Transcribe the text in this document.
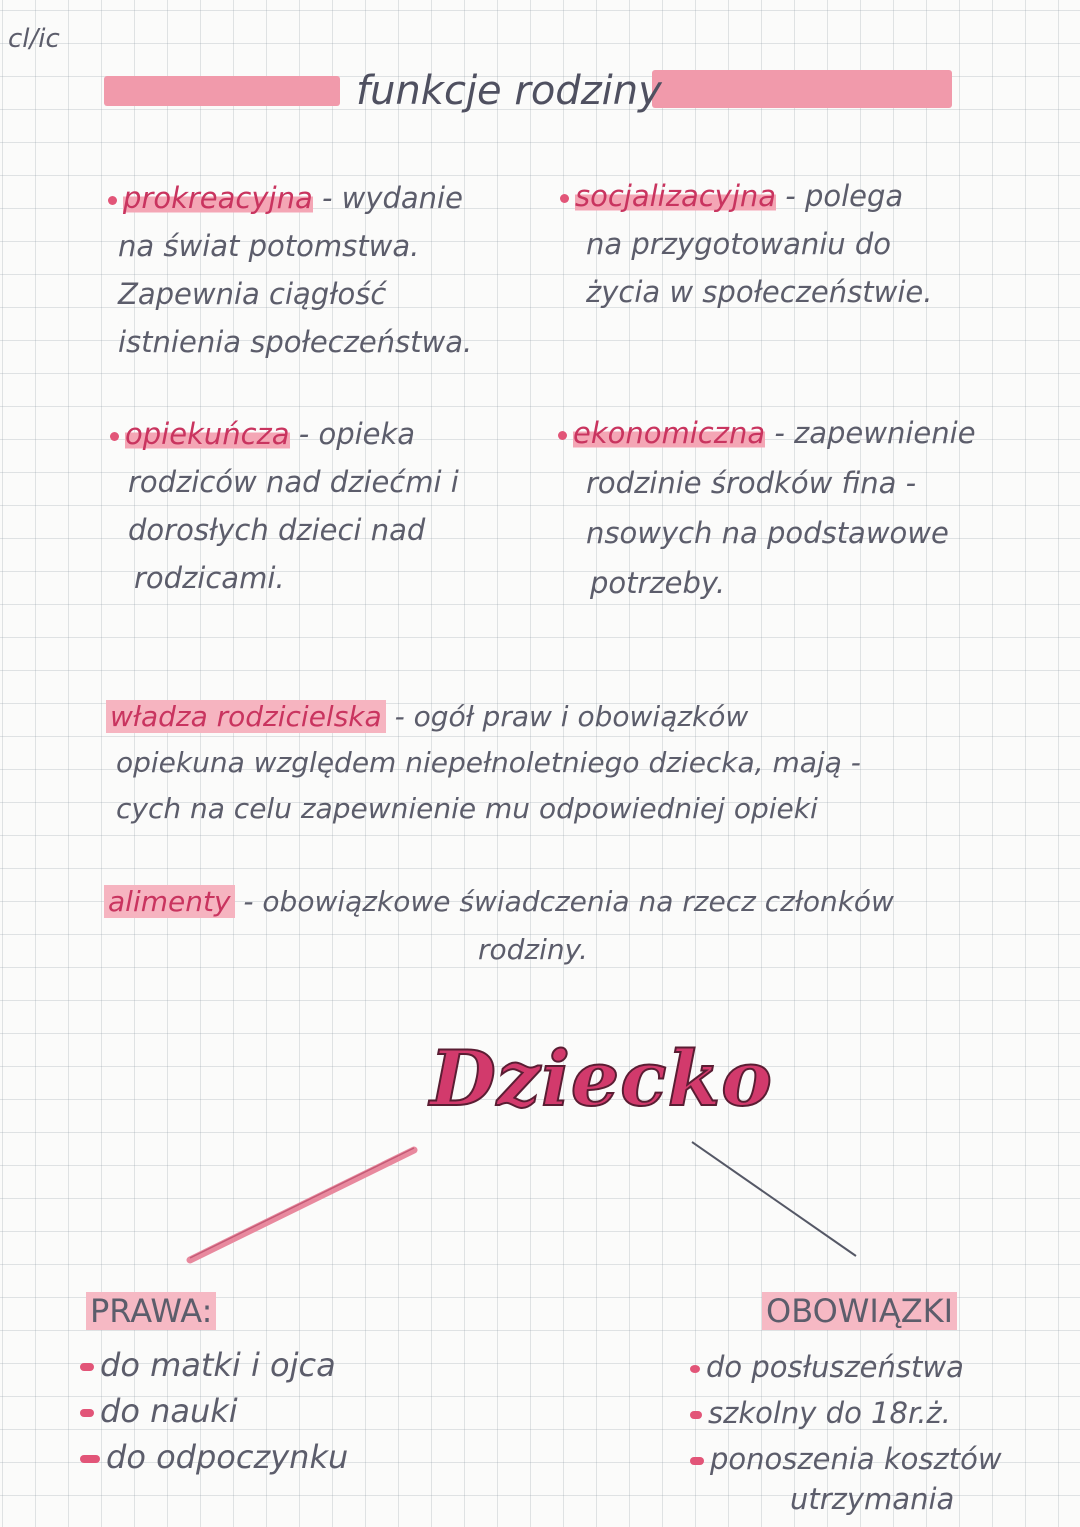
cl/ic
funkcje rodziny
prokreacyjna - wydanie
na świat potomstwa.
Zapewnia ciągłość
istnienia społeczeństwa.
socjalizacyjna - polega
na przygotowaniu do
życia w społeczeństwie.
opiekuńcza - opieka
rodziców nad dziećmi i
dorosłych dzieci nad
rodzicami.
ekonomiczna - zapewnienie
rodzinie środków fina -
nsowych na podstawowe
potrzeby.
władza rodzicielska - ogół praw i obowiązków
opiekuna względem niepełnoletniego dziecka, mają -
cych na celu zapewnienie mu odpowiedniej opieki
alimenty - obowiązkowe świadczenia na rzecz członków
rodziny.
Dziecko
PRAWA:
do matki i ojca
do nauki
do odpoczynku
OBOWIĄZKI
do posłuszeństwa
szkolny do 18r.ż.
ponoszenia kosztów
utrzymania
